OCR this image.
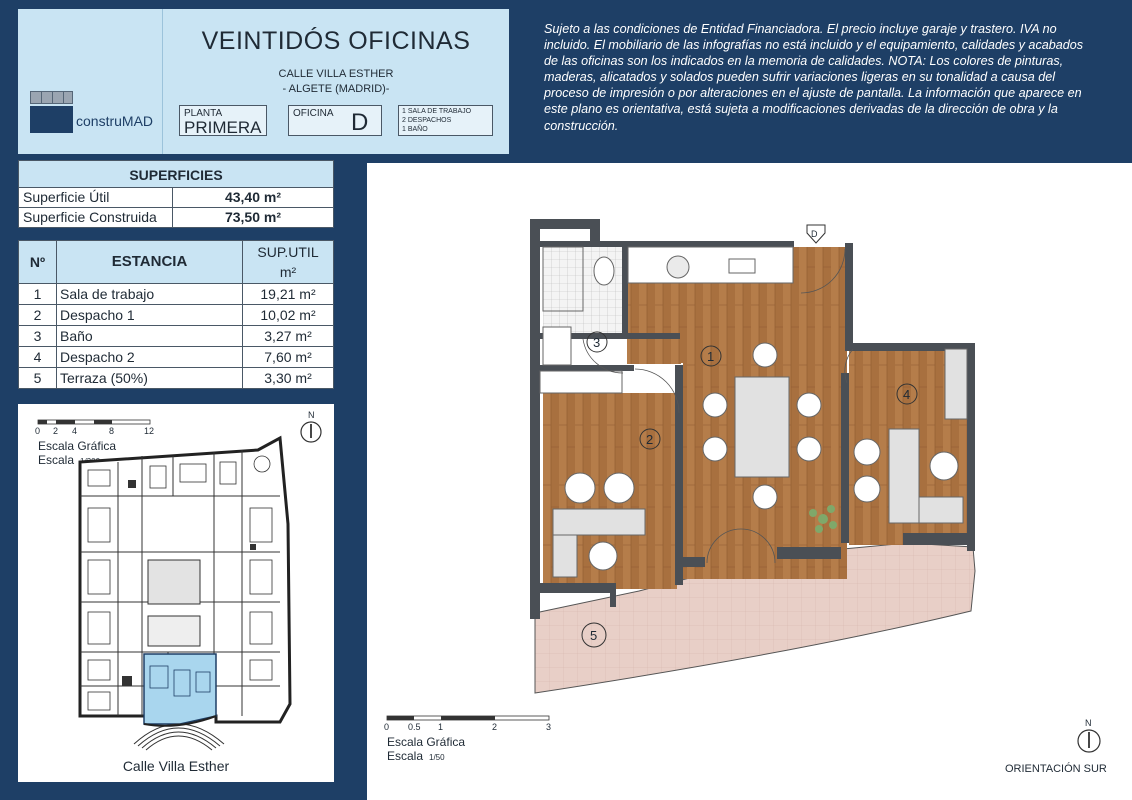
construMAD
VEINTIDÓS OFICINAS
CALLE VILLA ESTHER
- ALGETE (MADRID)-
PLANTA
PRIMERA
OFICINA D	1 SALA DE TRABAJO
2 DESPACHOS
1 BAÑO
Sujeto a las condiciones de Entidad Financiadora. El precio incluye garaje y trastero. IVA no incluido. El mobiliario de las infografías no está incluido y el equipamiento, calidades y acabados de las oficinas son los indicados en la memoria de calidades. NOTA: Los colores de pinturas, maderas, alicatados y solados pueden sufrir variaciones ligeras en su tonalidad a causa del proceso de impresión o por alteraciones en el ajuste de pantalla. La información que aparece en este plano es orientativa, está sujeta a modificaciones derivadas de la dirección de obra y la construcción.
SUPERFICIES
Superficie Útil	43,40 m²
Superficie Construida	73,50 m²
Nº	ESTANCIA
SUP.UTIL
m²
1	Sala de trabajo	19,21 m²
2	Despacho 1	10,02 m²
3	Baño	3,27 m²
4	Despacho 2	7,60 m²
5	Terraza (50%)	3,30 m²
0 2 4	8	12
Escala Gráfica
Escala
N
Calle Villa Esther
D
1
2
3
4
5
0 0.5 1	2	3
Escala Gráfica
Escala 1/50
N
ORIENTACIÓN SUR
